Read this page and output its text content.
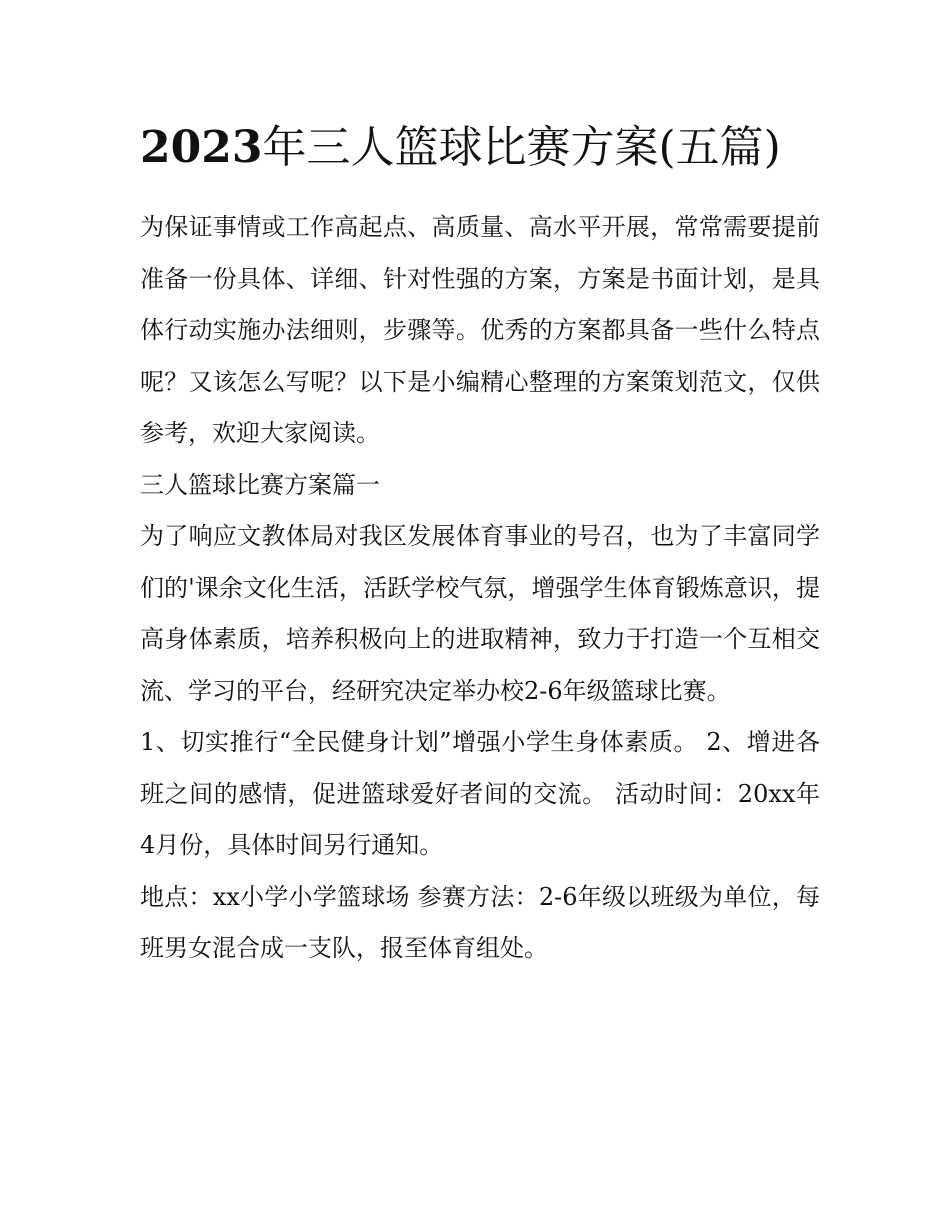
2023年三人篮球比赛方案(五篇)

为保证事情或工作高起点、高质量、高水平开展，常常需要提前准备一份具体、详细、针对性强的方案，方案是书面计划，是具体行动实施办法细则，步骤等。优秀的方案都具备一些什么特点呢？又该怎么写呢？以下是小编精心整理的方案策划范文，仅供参考，欢迎大家阅读。

三人篮球比赛方案篇一

为了响应文教体局对我区发展体育事业的号召，也为了丰富同学们的'课余文化生活，活跃学校气氛，增强学生体育锻炼意识，提高身体素质，培养积极向上的进取精神，致力于打造一个互相交流、学习的平台，经研究决定举办校2-6年级篮球比赛。

1、切实推行“全民健身计划”增强小学生身体素质。 2、增进各班之间的感情，促进篮球爱好者间的交流。 活动时间：20xx年4月份，具体时间另行通知。

地点：xx小学小学篮球场 参赛方法：2-6年级以班级为单位，每班男女混合成一支队，报至体育组处。
